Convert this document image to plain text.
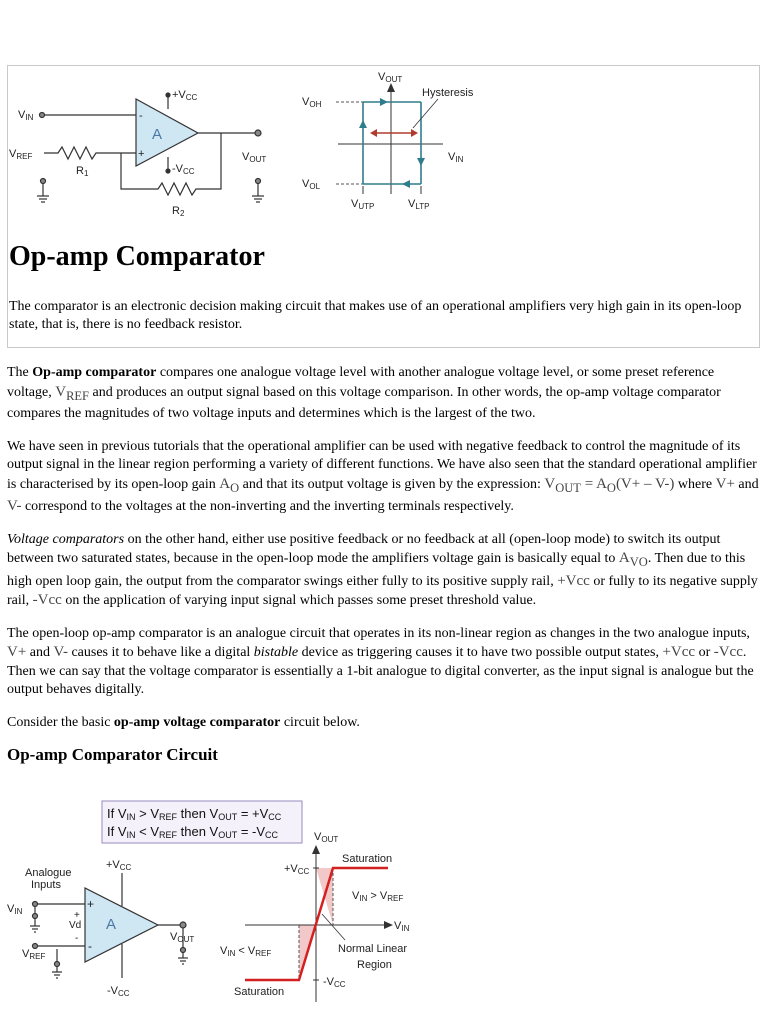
VIN
VREF
R1
R2
+VCC
-VCC
VOUT
A
-
+
VOUT
VOH
VOL
VIN
Hysteresis
VUTP	VLTP
Op-amp Comparator

The comparator is an electronic decision making circuit that makes use of an operational amplifiers very high gain in its open-loop state, that is, there is no feedback resistor.

The Op-amp comparator compares one analogue voltage level with another analogue voltage level, or some preset reference voltage, $V_{REF}$ and produces an output signal based on this voltage comparison. In other words, the op-amp voltage comparator compares the magnitudes of two voltage inputs and determines which is the largest of the two.

We have seen in previous tutorials that the operational amplifier can be used with negative feedback to control the magnitude of its output signal in the linear region performing a variety of different functions. We have also seen that the standard operational amplifier is characterised by its open-loop gain $A_O$ and that its output voltage is given by the expression: $V_{OUT} = A_O(V+ - V-)$ where V+ and V- correspond to the voltages at the non-inverting and the inverting terminals respectively.

Voltage comparators on the other hand, either use positive feedback or no feedback at all (open-loop mode) to switch its output between two saturated states, because in the open-loop mode the amplifiers voltage gain is basically equal to $A_{VO}$. Then due to this high open loop gain, the output from the comparator swings either fully to its positive supply rail, +Vcc or fully to its negative supply rail, -Vcc on the application of varying input signal which passes some preset threshold value.

The open-loop op-amp comparator is an analogue circuit that operates in its non-linear region as changes in the two analogue inputs, V+ and V- causes it to behave like a digital bistable device as triggering causes it to have two possible output states, +Vcc or -Vcc. Then we can say that the voltage comparator is essentially a 1-bit analogue to digital converter, as the input signal is analogue but the output behaves digitally.

Consider the basic op-amp voltage comparator circuit below.

Op-amp Comparator Circuit
If VIN > VREF then VOUT = +VCC
If VIN < VREF then VOUT = -VCC
Analogue
Inputs
VIN
VREF
Vd
+
-
+
-
A
+VCC
-VCC
VOUT
VOUT
+VCC
-VCC
VIN
Saturation
Saturation
VIN > VREF
VIN < VREF	Normal Linear
Region
